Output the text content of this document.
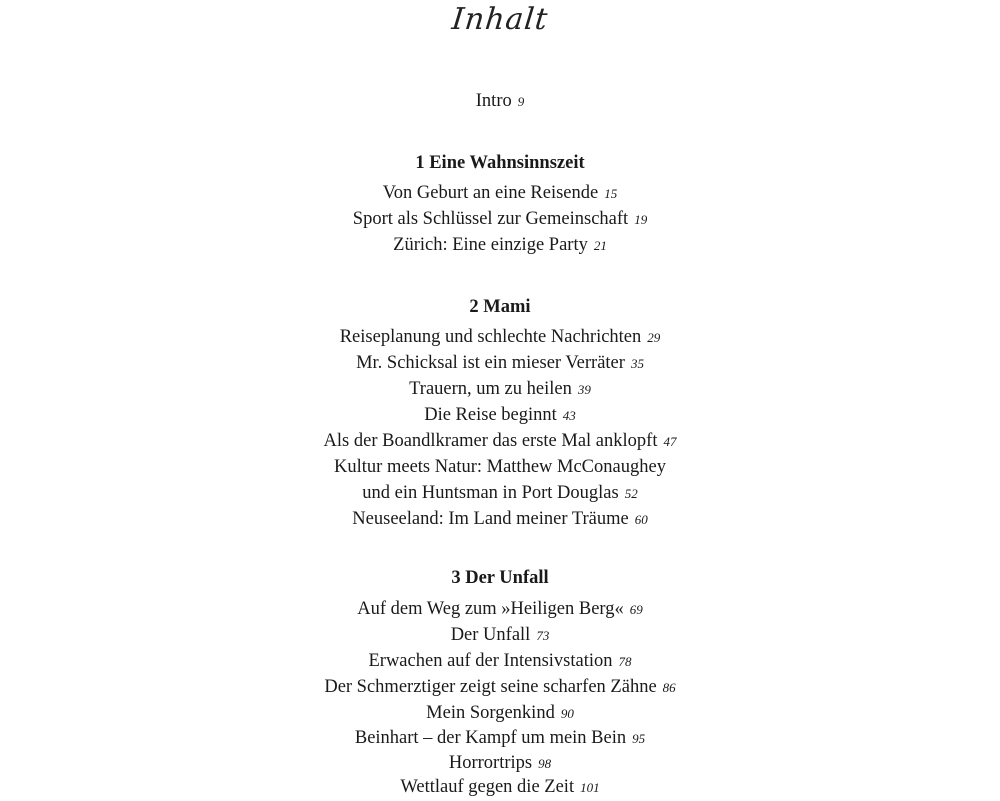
Inhalt
Intro 9
1 Eine Wahnsinnszeit
Von Geburt an eine Reisende 15
Sport als Schlüssel zur Gemeinschaft 19
Zürich: Eine einzige Party 21
2 Mami
Reiseplanung und schlechte Nachrichten 29
Mr. Schicksal ist ein mieser Verräter 35
Trauern, um zu heilen 39
Die Reise beginnt 43
Als der Boandlkramer das erste Mal anklopft 47
Kultur meets Natur: Matthew McConaughey
und ein Huntsman in Port Douglas 52
Neuseeland: Im Land meiner Träume 60
3 Der Unfall
Auf dem Weg zum »Heiligen Berg« 69
Der Unfall 73
Erwachen auf der Intensivstation 78
Der Schmerztiger zeigt seine scharfen Zähne 86
Mein Sorgenkind 90
Beinhart – der Kampf um mein Bein 95
Horrortrips 98
Wettlauf gegen die Zeit 101
